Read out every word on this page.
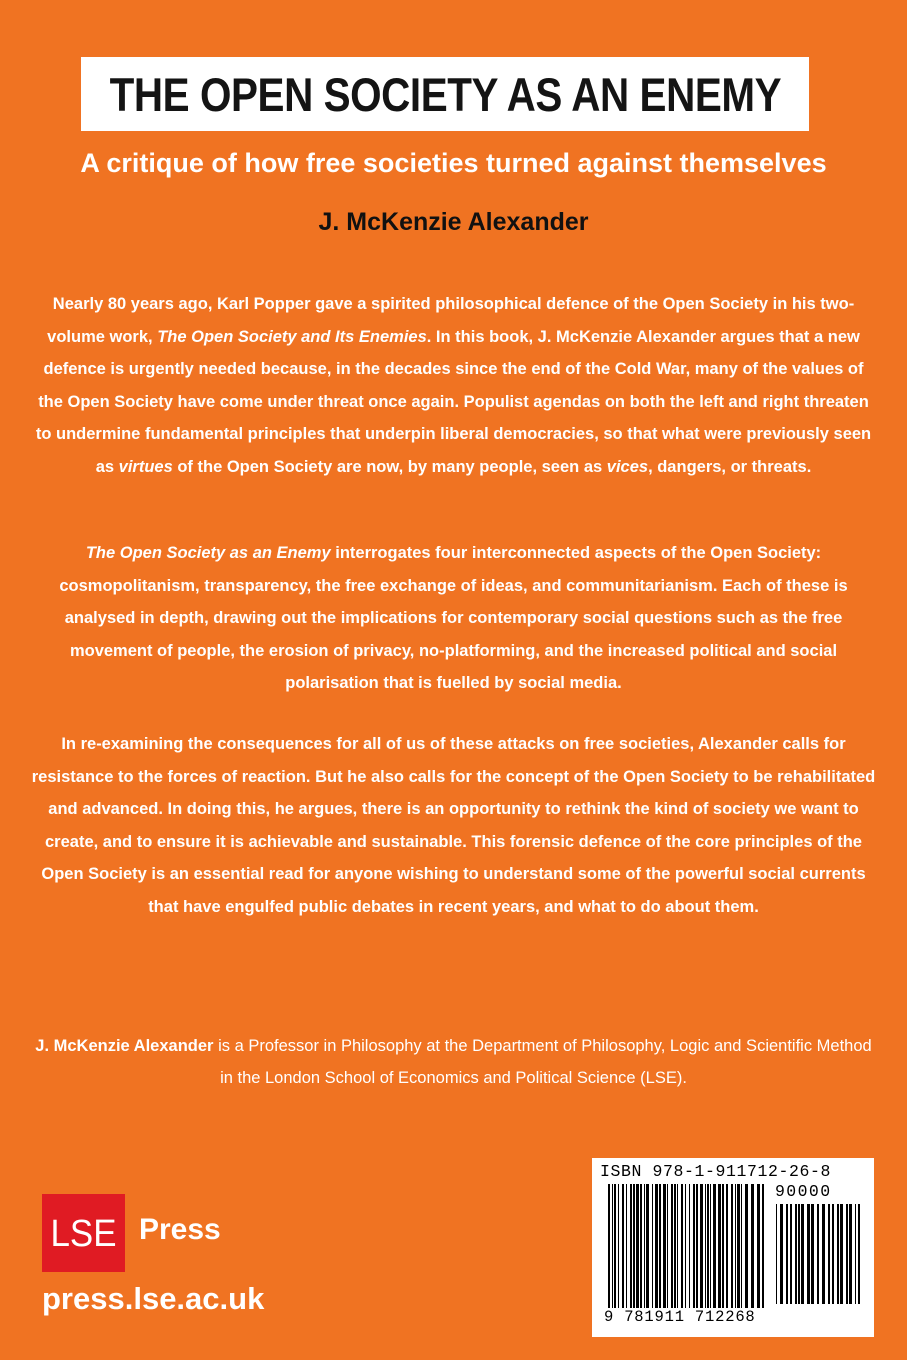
THE OPEN SOCIETY AS AN ENEMY
A critique of how free societies turned against themselves
J. McKenzie Alexander
Nearly 80 years ago, Karl Popper gave a spirited philosophical defence of the Open Society in his two-volume work, The Open Society and Its Enemies. In this book, J. McKenzie Alexander argues that a new defence is urgently needed because, in the decades since the end of the Cold War, many of the values of the Open Society have come under threat once again. Populist agendas on both the left and right threaten to undermine fundamental principles that underpin liberal democracies, so that what were previously seen as virtues of the Open Society are now, by many people, seen as vices, dangers, or threats.
The Open Society as an Enemy interrogates four interconnected aspects of the Open Society: cosmopolitanism, transparency, the free exchange of ideas, and communitarianism. Each of these is analysed in depth, drawing out the implications for contemporary social questions such as the free movement of people, the erosion of privacy, no-platforming, and the increased political and social polarisation that is fuelled by social media.
In re-examining the consequences for all of us of these attacks on free societies, Alexander calls for resistance to the forces of reaction. But he also calls for the concept of the Open Society to be rehabilitated and advanced. In doing this, he argues, there is an opportunity to rethink the kind of society we want to create, and to ensure it is achievable and sustainable. This forensic defence of the core principles of the Open Society is an essential read for anyone wishing to understand some of the powerful social currents that have engulfed public debates in recent years, and what to do about them.
J. McKenzie Alexander is a Professor in Philosophy at the Department of Philosophy, Logic and Scientific Method in the London School of Economics and Political Science (LSE).
LSE Press
press.lse.ac.uk
ISBN 978-1-911712-26-8
90000
9 781911 712268
